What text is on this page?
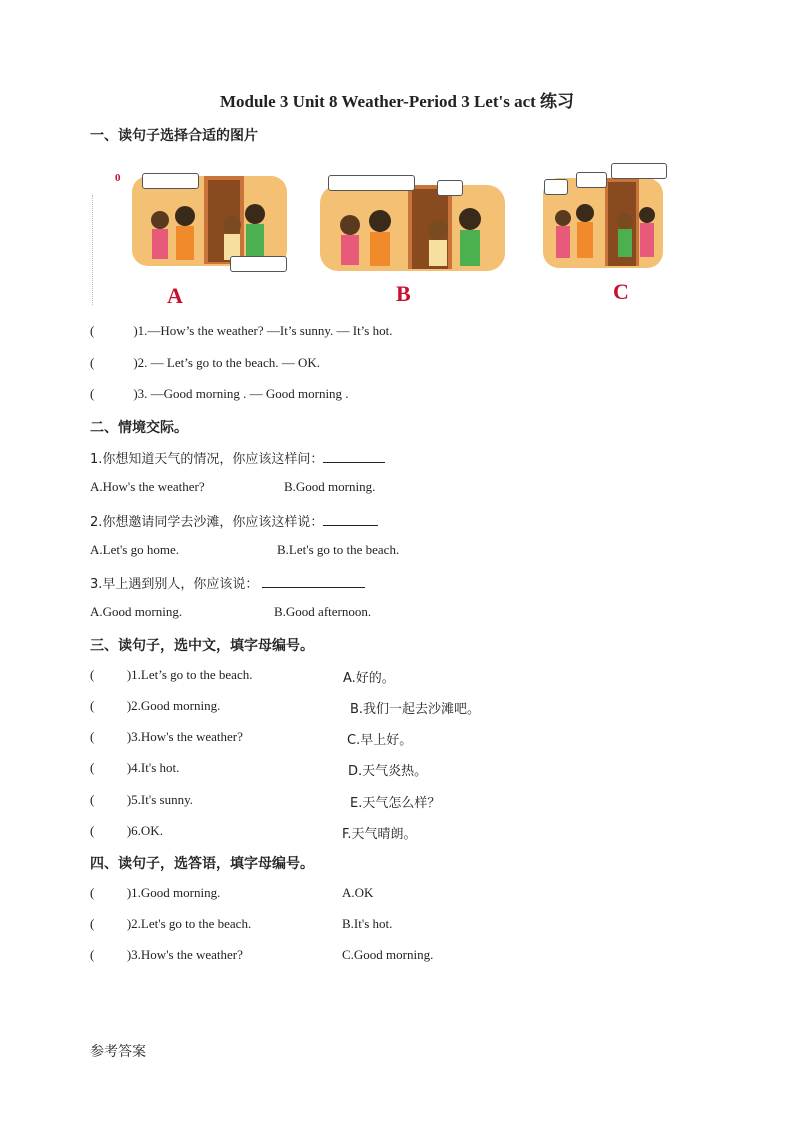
Module 3 Unit 8 Weather-Period 3 Let's act 练习
一、读句子选择合适的图片
0
A	B	C
(            )1.—How’s the weather? —It’s sunny. — It’s hot.
(            )2. — Let’s go to the beach. — OK.
(            )3. —Good morning . — Good morning .
二、情境交际。
1.你想知道天气的情况，你应该这样问：
A.How's the weather?	B.Good morning.
2.你想邀请同学去沙滩，你应该这样说：
A.Let's go home.	B.Let's go to the beach.
3.早上遇到别人，你应该说：
A.Good morning.	B.Good afternoon.
三、读句子，选中文，填字母编号。
(          )1.Let’s go to the beach.	A.好的。
(          )2.Good morning.	B.我们一起去沙滩吧。
(          )3.How's the weather?	C.早上好。
(          )4.It's hot.	D.天气炎热。
(          )5.It's sunny.	E.天气怎么样？
(          )6.OK.	F.天气晴朗。
四、读句子，选答语，填字母编号。
(          )1.Good morning.	A.OK
(          )2.Let's go to the beach.	B.It's hot.
(          )3.How's the weather?	C.Good morning.
参考答案
